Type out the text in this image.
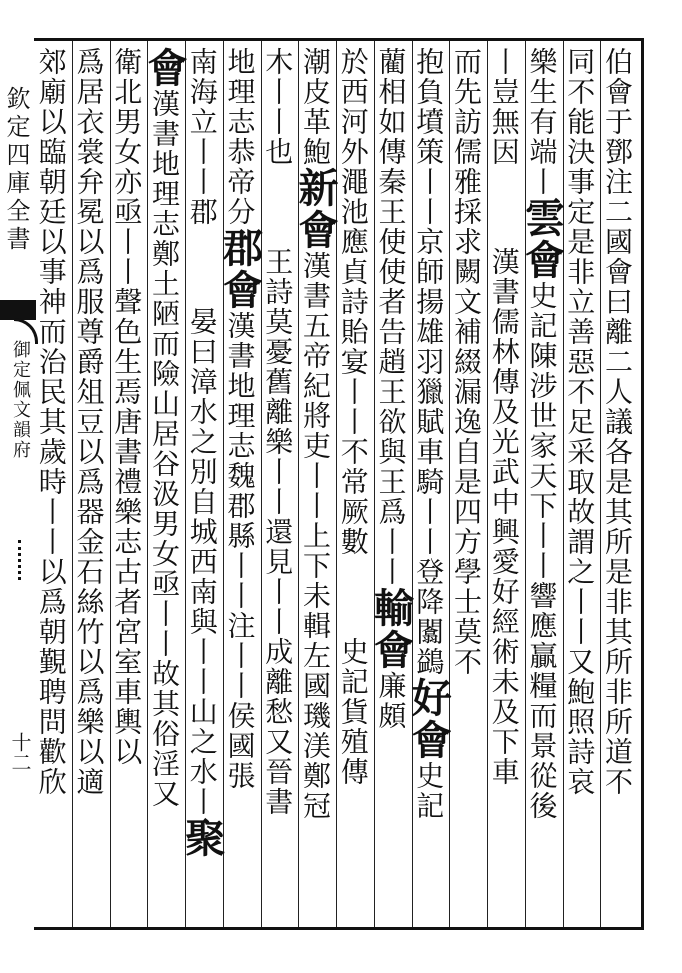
欽定四庫全書
御定佩文韻府
十二	伯會于鄧注二國會曰離二人議各是其所是非其所非所道不
同不能決事定是非立善惡不足采取故謂之丨丨又鮑照詩哀
樂生有端丨雲會史記陳涉世家天下丨丨響應贏糧而景從後
丨豈無因漢書儒林傳及光武中興愛好經術未及下車
而先訪儒雅採求闕文補綴漏逸自是四方學士莫不
抱負墳策丨丨京師揚雄羽獵賦車騎丨丨登降闟鷁好會史記
藺相如傳秦王使使者告趙王欲與王爲丨丨輸會廉頗
於西河外澠池應貞詩貽宴丨丨不常厥數史記貨殖傳
潮皮革鮑新會漢書五帝紀將吏丨丨上下未輯左國璣渼鄭冠
木丨丨也王詩莫憂舊離樂丨丨還見丨丨成離愁又晉書
地理志恭帝分郡會漢書地理志魏郡縣丨丨注丨丨侯國張
南海立丨丨郡晏曰漳水之別自城西南與丨丨山之水丨聚
會漢書地理志鄭土陋而險山居谷汲男女亟丨丨故其俗淫又
衛北男女亦亟丨丨聲色生焉唐書禮樂志古者宮室車輿以
爲居衣裳弁冕以爲服尊爵俎豆以爲器金石絲竹以爲樂以適
郊廟以臨朝廷以事神而治民其歲時丨丨以爲朝覲聘問歡欣
